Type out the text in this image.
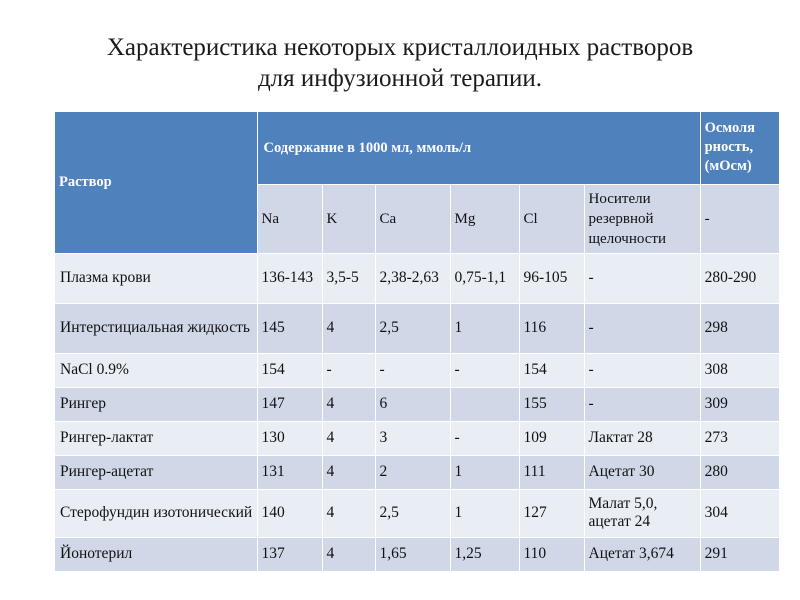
Характеристика некоторых кристаллоидных растворов
для инфузионной терапии.
Раствор	Содержание в 1000 мл, ммоль/л						Осмоля рность, (мОсм)
	Na	K	Ca	Mg	Cl	Носители резервной щелочности	-
Плазма крови	136-143	3,5-5	2,38-2,63	0,75-1,1	96-105	-	280-290
Интерстициальная жидкость	145	4	2,5	1	116	-	298
NaCl 0.9%	154	-	-	-	154	-	308
Рингер	147	4	6		155	-	309
Рингер-лактат	130	4	3	-	109	Лактат 28	273
Рингер-ацетат	131	4	2	1	111	Ацетат 30	280
Стерофундин изотонический	140	4	2,5	1	127	Малат 5,0, ацетат 24	304
Йонотерил	137	4	1,65	1,25	110	Ацетат 3,674	291
